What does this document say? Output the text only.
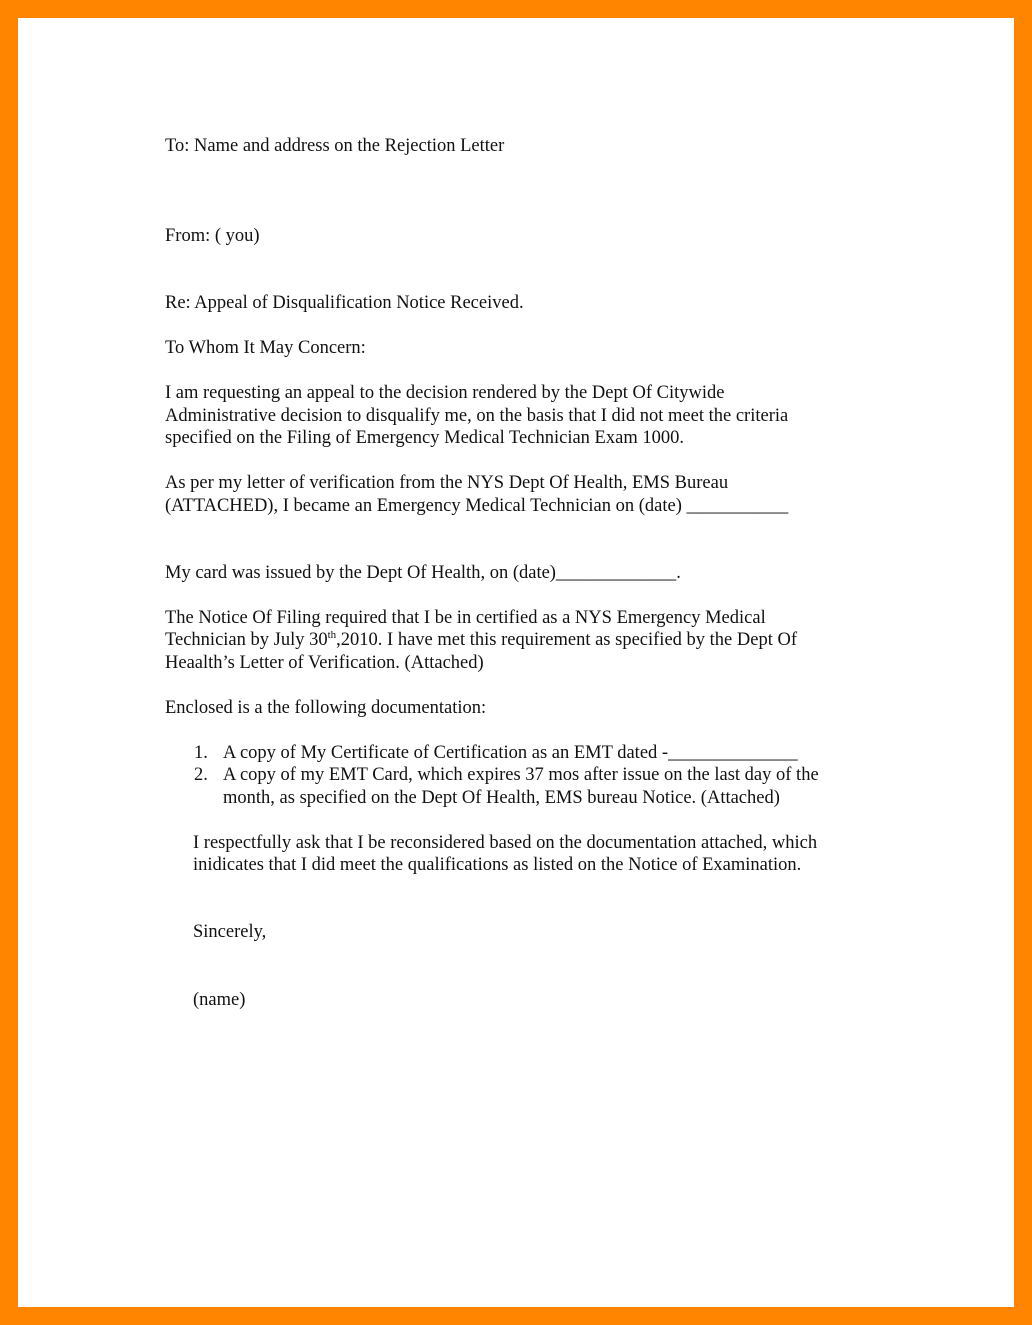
To: Name and address on the Rejection Letter
From: ( you)
Re: Appeal of Disqualification Notice Received.
To Whom It May Concern:
I am requesting an appeal to the decision rendered by the Dept Of Citywide
Administrative decision to disqualify me, on the basis that I did not meet the criteria
specified on the Filing of Emergency Medical Technician Exam 1000.
As per my letter of verification from the NYS Dept Of Health, EMS Bureau
(ATTACHED), I became an Emergency Medical Technician on (date) ___________
My card was issued by the Dept Of Health, on (date)_____________.
The Notice Of Filing required that I be in certified as a NYS Emergency Medical
Technician by July 30th,2010. I have met this requirement as specified by the Dept Of
Heaalth’s Letter of Verification. (Attached)
Enclosed is a the following documentation:
1. A copy of My Certificate of Certification as an EMT dated -______________
2. A copy of my EMT Card, which expires 37 mos after issue on the last day of the
month, as specified on the Dept Of Health, EMS bureau Notice. (Attached)
I respectfully ask that I be reconsidered based on the documentation attached, which
inidicates that I did meet the qualifications as listed on the Notice of Examination.
Sincerely,
(name)
